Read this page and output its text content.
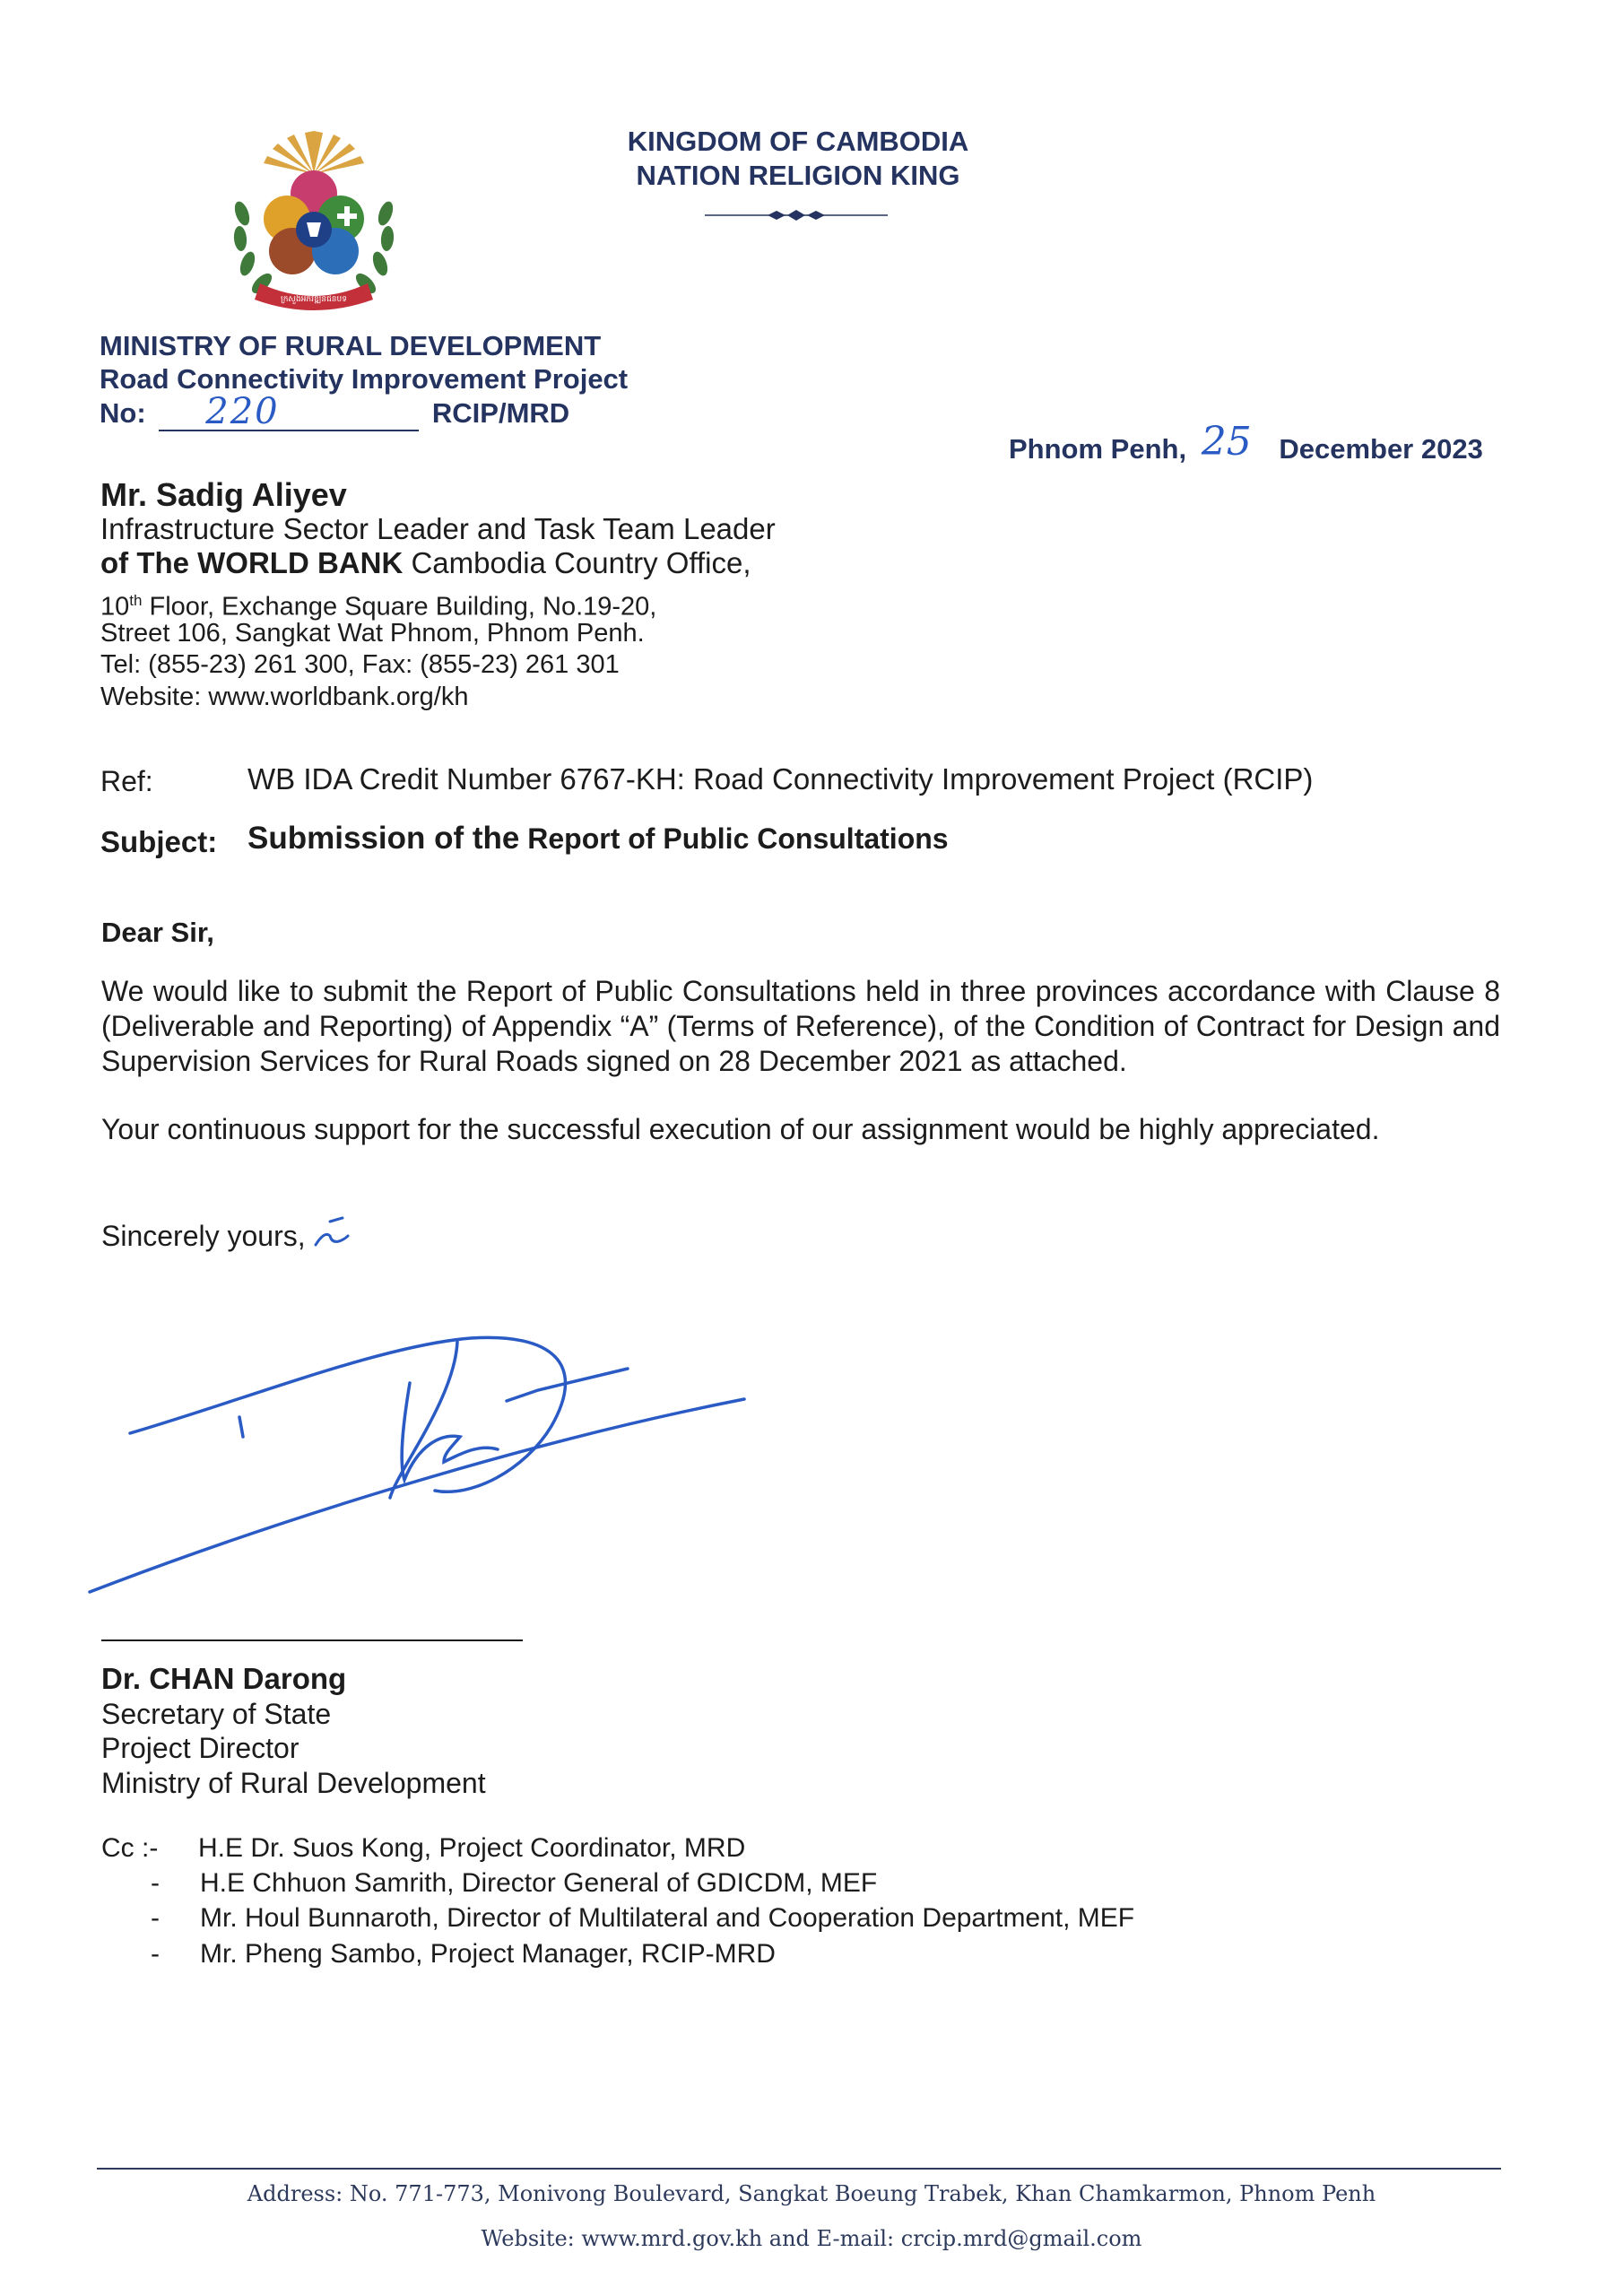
ក្រសួងអភិវឌ្ឍន៍ជនបទ
KINGDOM OF CAMBODIA
NATION RELIGION KING
MINISTRY OF RURAL DEVELOPMENT
Road Connectivity Improvement Project
No: 220	RCIP/MRD
Phnom Penh, 25 December 2023
Mr. Sadig Aliyev
Infrastructure Sector Leader and Task Team Leader
of The WORLD BANK Cambodia Country Office,
10th Floor, Exchange Square Building, No.19-20,
Street 106, Sangkat Wat Phnom, Phnom Penh.
Tel: (855-23) 261 300, Fax: (855-23) 261 301
Website: www.worldbank.org/kh
Ref:	WB IDA Credit Number 6767-KH: Road Connectivity Improvement Project (RCIP)
Subject: Submission of the Report of Public Consultations
Dear Sir,
We would like to submit the Report of Public Consultations held in three provinces accordance with Clause 8 (Deliverable and Reporting) of Appendix “A” (Terms of Reference), of the Condition of Contract for Design and Supervision Services for Rural Roads signed on 28 December 2021 as attached.
Your continuous support for the successful execution of our assignment would be highly appreciated.
Sincerely yours,
Dr. CHAN Darong
Secretary of State
Project Director
Ministry of Rural Development
Cc :- H.E Dr. Suos Kong, Project Coordinator, MRD
- H.E Chhuon Samrith, Director General of GDICDM, MEF
- Mr. Houl Bunnaroth, Director of Multilateral and Cooperation Department, MEF
- Mr. Pheng Sambo, Project Manager, RCIP-MRD
Address: No. 771-773, Monivong Boulevard, Sangkat Boeung Trabek, Khan Chamkarmon, Phnom Penh
Website: www.mrd.gov.kh and E-mail: crcip.mrd@gmail.com
